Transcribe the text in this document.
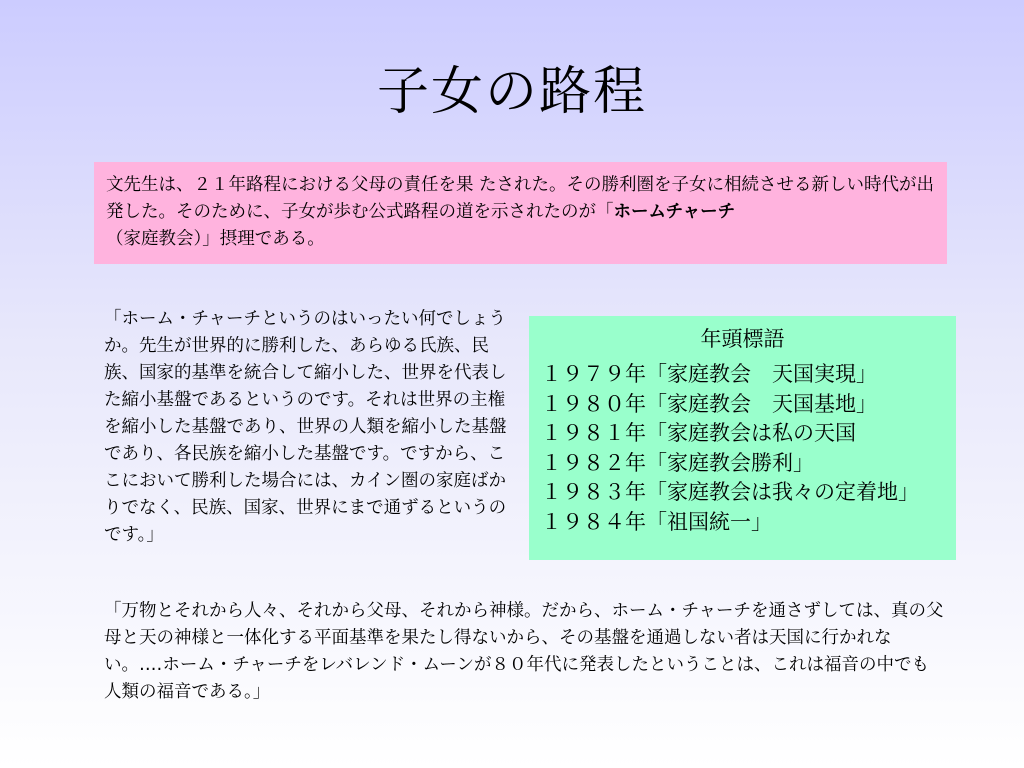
子女の路程
文先生は、２１年路程における父母の責任を果 たされた。その勝利圏を子女に相続させる新しい時代が出発した。そのために、子女が歩む公式路程の道を示されたのが「ホームチャーチ
（家庭教会）」摂理である。
「ホーム・チャーチというのはいったい何でしょうか。先生が世界的に勝利した、あらゆる氏族、民族、国家的基準を統合して縮小した、世界を代表した縮小基盤であるというのです。それは世界の主権を縮小した基盤であり、世界の人類を縮小した基盤であり、各民族を縮小した基盤です。ですから、ここにおいて勝利した場合には、カイン圏の家庭ばかりでなく、民族、国家、世界にまで通ずるというのです。」
年頭標語
１９７９年「家庭教会　天国実現」
１９８０年「家庭教会　天国基地」
１９８１年「家庭教会は私の天国
１９８２年「家庭教会勝利」
１９８３年「家庭教会は我々の定着地」
１９８４年「祖国統一」
「万物とそれから人々、それから父母、それから神様。だから、ホーム・チャーチを通さずしては、真の父母と天の神様と一体化する平面基準を果たし得ないから、その基盤を通過しない者は天国に行かれない。‥‥ホーム・チャーチをレバレンド・ムーンが８０年代に発表したということは、これは福音の中でも人類の福音である。」
